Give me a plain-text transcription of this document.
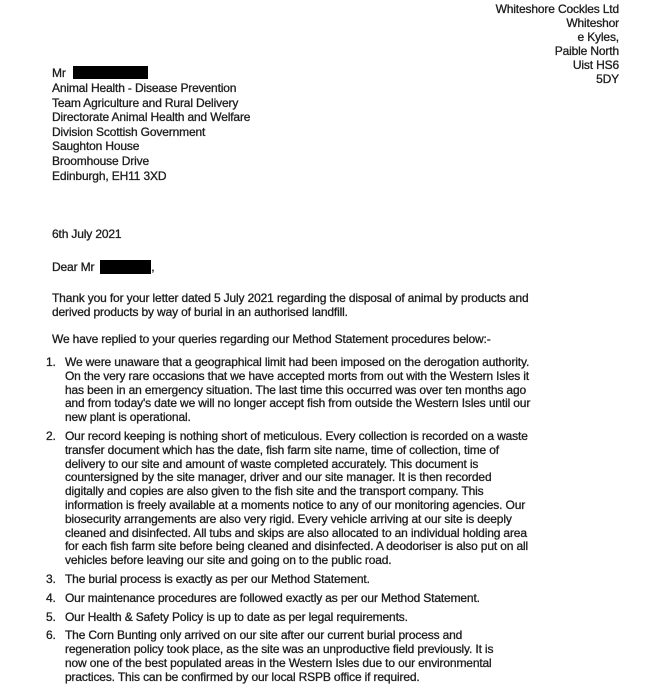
Whiteshore Cockles Ltd
Whiteshor
e Kyles,
Paible North
Uist HS6
5DY
Mr
Animal Health - Disease Prevention
Team Agriculture and Rural Delivery
Directorate Animal Health and Welfare
Division Scottish Government
Saughton House
Broomhouse Drive
Edinburgh, EH11 3XD
6th July 2021
Dear Mr	,
Thank you for your letter dated 5 July 2021 regarding the disposal of animal by products and
derived products by way of burial in an authorised landfill.
We have replied to your queries regarding our Method Statement procedures below:-
1. We were unaware that a geographical limit had been imposed on the derogation authority.
On the very rare occasions that we have accepted morts from out with the Western Isles it
has been in an emergency situation. The last time this occurred was over ten months ago
and from today's date we will no longer accept fish from outside the Western Isles until our
new plant is operational.
2. Our record keeping is nothing short of meticulous. Every collection is recorded on a waste
transfer document which has the date, fish farm site name, time of collection, time of
delivery to our site and amount of waste completed accurately. This document is
countersigned by the site manager, driver and our site manager. It is then recorded
digitally and copies are also given to the fish site and the transport company. This
information is freely available at a moments notice to any of our monitoring agencies. Our
biosecurity arrangements are also very rigid. Every vehicle arriving at our site is deeply
cleaned and disinfected. All tubs and skips are also allocated to an individual holding area
for each fish farm site before being cleaned and disinfected. A deodoriser is also put on all
vehicles before leaving our site and going on to the public road.
3. The burial process is exactly as per our Method Statement.
4. Our maintenance procedures are followed exactly as per our Method Statement.
5. Our Health & Safety Policy is up to date as per legal requirements.
6. The Corn Bunting only arrived on our site after our current burial process and
regeneration policy took place, as the site was an unproductive field previously. It is
now one of the best populated areas in the Western Isles due to our environmental
practices. This can be confirmed by our local RSPB office if required.
